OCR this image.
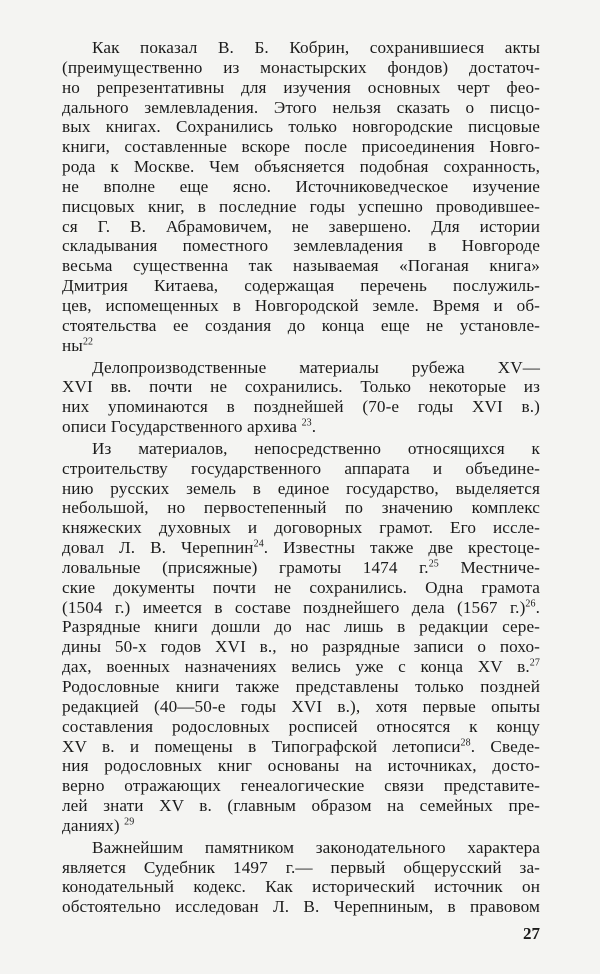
Как показал В. Б. Кобрин, сохранившиеся акты
(преимущественно из монастырских фондов) достаточ-
но репрезентативны для изучения основных черт фео-
дального землевладения. Этого нельзя сказать о писцо-
вых книгах. Сохранились только новгородские писцовые
книги, составленные вскоре после присоединения Новго-
рода к Москве. Чем объясняется подобная сохранность,
не вполне еще ясно. Источниковедческое изучение
писцовых книг, в последние годы успешно проводившее-
ся Г. В. Абрамовичем, не завершено. Для истории
складывания поместного землевладения в Новгороде
весьма существенна так называемая «Поганая книга»
Дмитрия Китаева, содержащая перечень послужиль-
цев, испомещенных в Новгородской земле. Время и об-
стоятельства ее создания до конца еще не установле-
$ны^{22}$

Делопроизводственные материалы рубежа XV—
XVI вв. почти не сохранились. Только некоторые из
них упоминаются в позднейшей (70-е годы XVI в.)
описи Государственного архива $^{23}$.

Из материалов, непосредственно относящихся к
строительству государственного аппарата и объедине-
нию русских земель в единое государство, выделяется
небольшой, но первостепенный по значению комплекс
княжеских духовных и договорных грамот. Его иссле-
довал Л. В. Черепнин$^{24}$. Известны также две крестоце-
ловальные (присяжные) грамоты 1474 г.$^{25}$ Местниче-
ские документы почти не сохранились. Одна грамота
(1504 г.) имеется в составе позднейшего дела (1567 г.)$^{26}$.
Разрядные книги дошли до нас лишь в редакции сере-
дины 50-х годов XVI в., но разрядные записи о похо-
дах, военных назначениях велись уже с конца XV в.$^{27}$
Родословные книги также представлены только поздней
редакцией (40—50-е годы XVI в.), хотя первые опыты
составления родословных росписей относятся к концу
XV в. и помещены в Типографской летописи$^{28}$. Сведе-
ния родословных книг основаны на источниках, досто-
верно отражающих генеалогические связи представите-
лей знати XV в. (главным образом на семейных пре-
даниях) $^{29}$

Важнейшим памятником законодательного характера
является Судебник 1497 г.— первый общерусский за-
конодательный кодекс. Как исторический источник он
обстоятельно исследован Л. В. Черепниным, в правовом

27
